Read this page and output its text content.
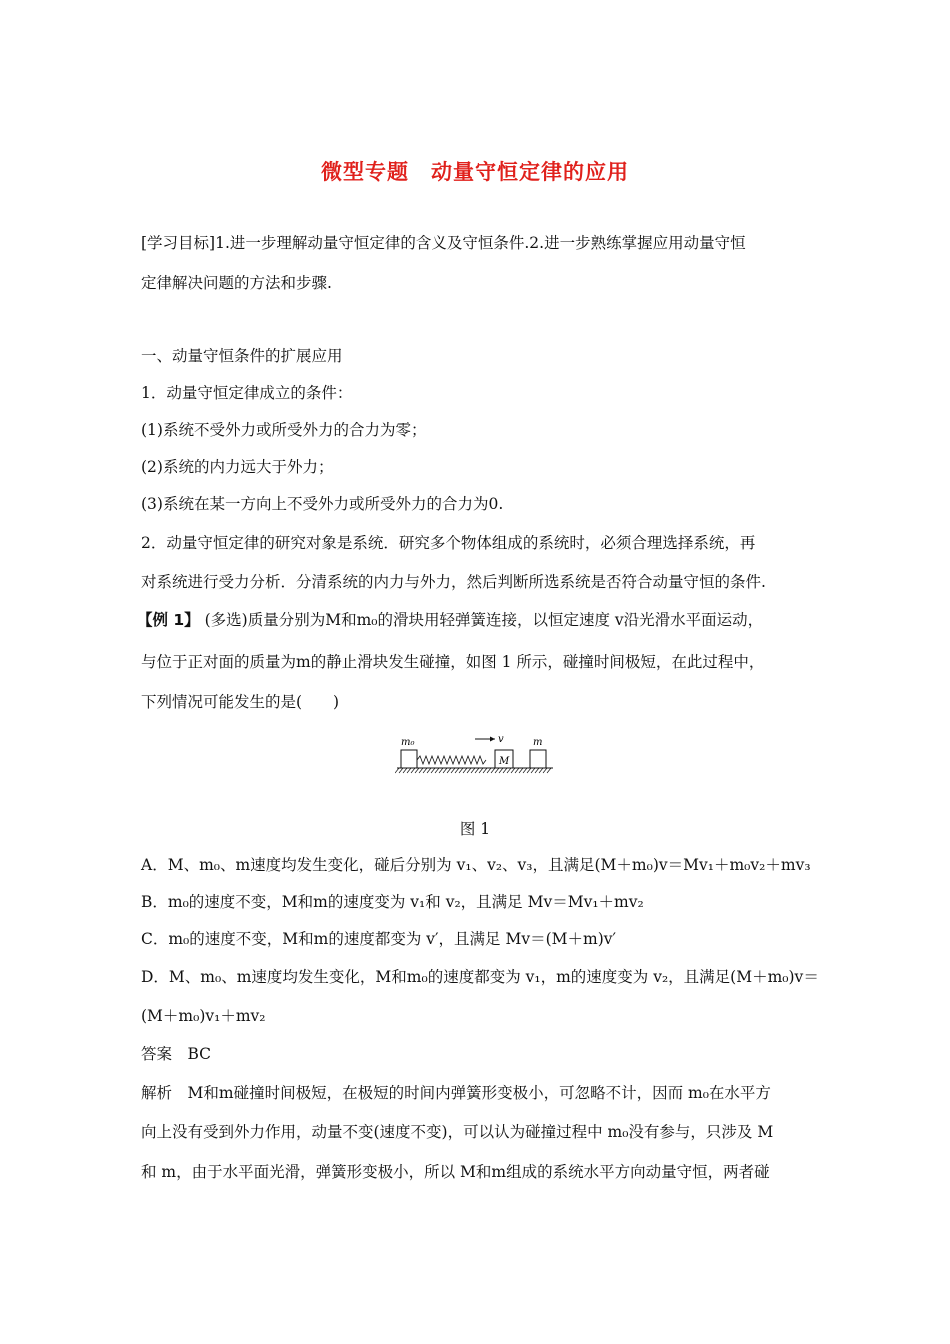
微型专题　动量守恒定律的应用
[学习目标]1.进一步理解动量守恒定律的含义及守恒条件.2.进一步熟练掌握应用动量守恒
定律解决问题的方法和步骤.
一、动量守恒条件的扩展应用
1．动量守恒定律成立的条件：
(1)系统不受外力或所受外力的合力为零；
(2)系统的内力远大于外力；
(3)系统在某一方向上不受外力或所受外力的合力为0.
2．动量守恒定律的研究对象是系统．研究多个物体组成的系统时，必须合理选择系统，再
对系统进行受力分析．分清系统的内力与外力，然后判断所选系统是否符合动量守恒的条件.
【例 1】 (多选)质量分别为M和m₀的滑块用轻弹簧连接，以恒定速度 v沿光滑水平面运动，
与位于正对面的质量为m的静止滑块发生碰撞，如图 1 所示，碰撞时间极短，在此过程中，
下列情况可能发生的是(　　)
m₀
M
v	m
图 1
A．M、m₀、m速度均发生变化，碰后分别为 v₁、v₂、v₃，且满足(M＋m₀)v＝Mv₁＋m₀v₂＋mv₃
B．m₀的速度不变，M和m的速度变为 v₁和 v₂，且满足 Mv＝Mv₁＋mv₂
C．m₀的速度不变，M和m的速度都变为 v′，且满足 Mv＝(M＋m)v′
D．M、m₀、m速度均发生变化，M和m₀的速度都变为 v₁，m的速度变为 v₂，且满足(M＋m₀)v＝
(M＋m₀)v₁＋mv₂
答案　BC
解析　M和m碰撞时间极短，在极短的时间内弹簧形变极小，可忽略不计，因而 m₀在水平方
向上没有受到外力作用，动量不变(速度不变)，可以认为碰撞过程中 m₀没有参与，只涉及 M
和 m，由于水平面光滑，弹簧形变极小，所以 M和m组成的系统水平方向动量守恒，两者碰
